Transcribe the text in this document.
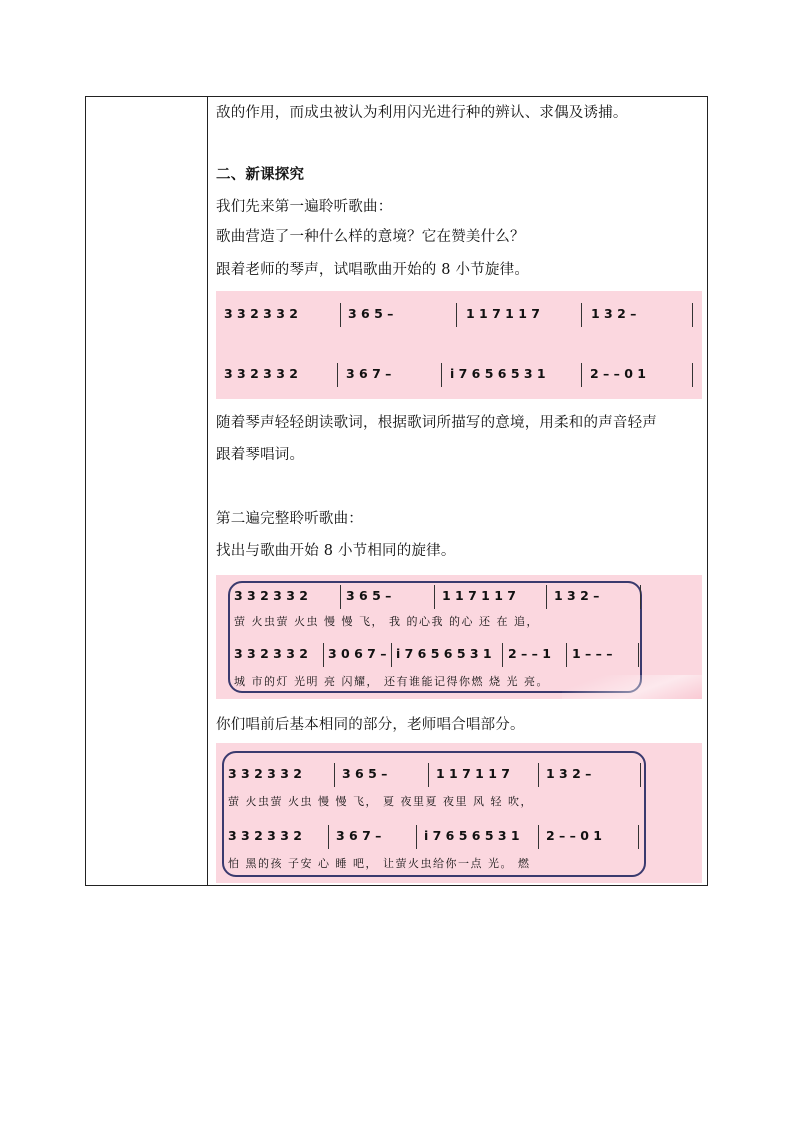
敌的作用，而成虫被认为利用闪光进行种的辨认、求偶及诱捕。
二、新课探究
我们先来第一遍聆听歌曲：
歌曲营造了一种什么样的意境？它在赞美什么？
跟着老师的琴声，试唱歌曲开始的 8 小节旋律。
3 3 2 3 3 2	3 6 5 –	1 1 7 1 1 7	1 3 2 –
3 3 2 3 3 2	3 6 7 –	i 7 6 5 6 5 3 1	2 – – 0 1
随着琴声轻轻朗读歌词，根据歌词所描写的意境，用柔和的声音轻声
跟着琴唱词。
第二遍完整聆听歌曲：
找出与歌曲开始 8 小节相同的旋律。
3 3 2 3 3 2	3 6 5 –	1 1 7 1 1 7	1 3 2 –
萤 火虫萤 火虫 慢 慢 飞， 我 的心我 的心 还 在 追，
3 3 2 3 3 2 3 0 6 7 – i 7 6 5 6 5 3 1 2 – – 1 1 – – –
城 市的灯 光明 亮 闪耀， 还有谁能记得你燃 烧 光 亮。
你们唱前后基本相同的部分，老师唱合唱部分。
3 3 2 3 3 2	3 6 5 –	1 1 7 1 1 7	1 3 2 –
萤 火虫萤 火虫 慢 慢 飞， 夏 夜里夏 夜里 风 轻 吹，
3 3 2 3 3 2	3 6 7 –	i 7 6 5 6 5 3 1 2 – – 0 1
怕 黑的孩 子安 心 睡 吧， 让萤火虫给你一点 光。 燃
